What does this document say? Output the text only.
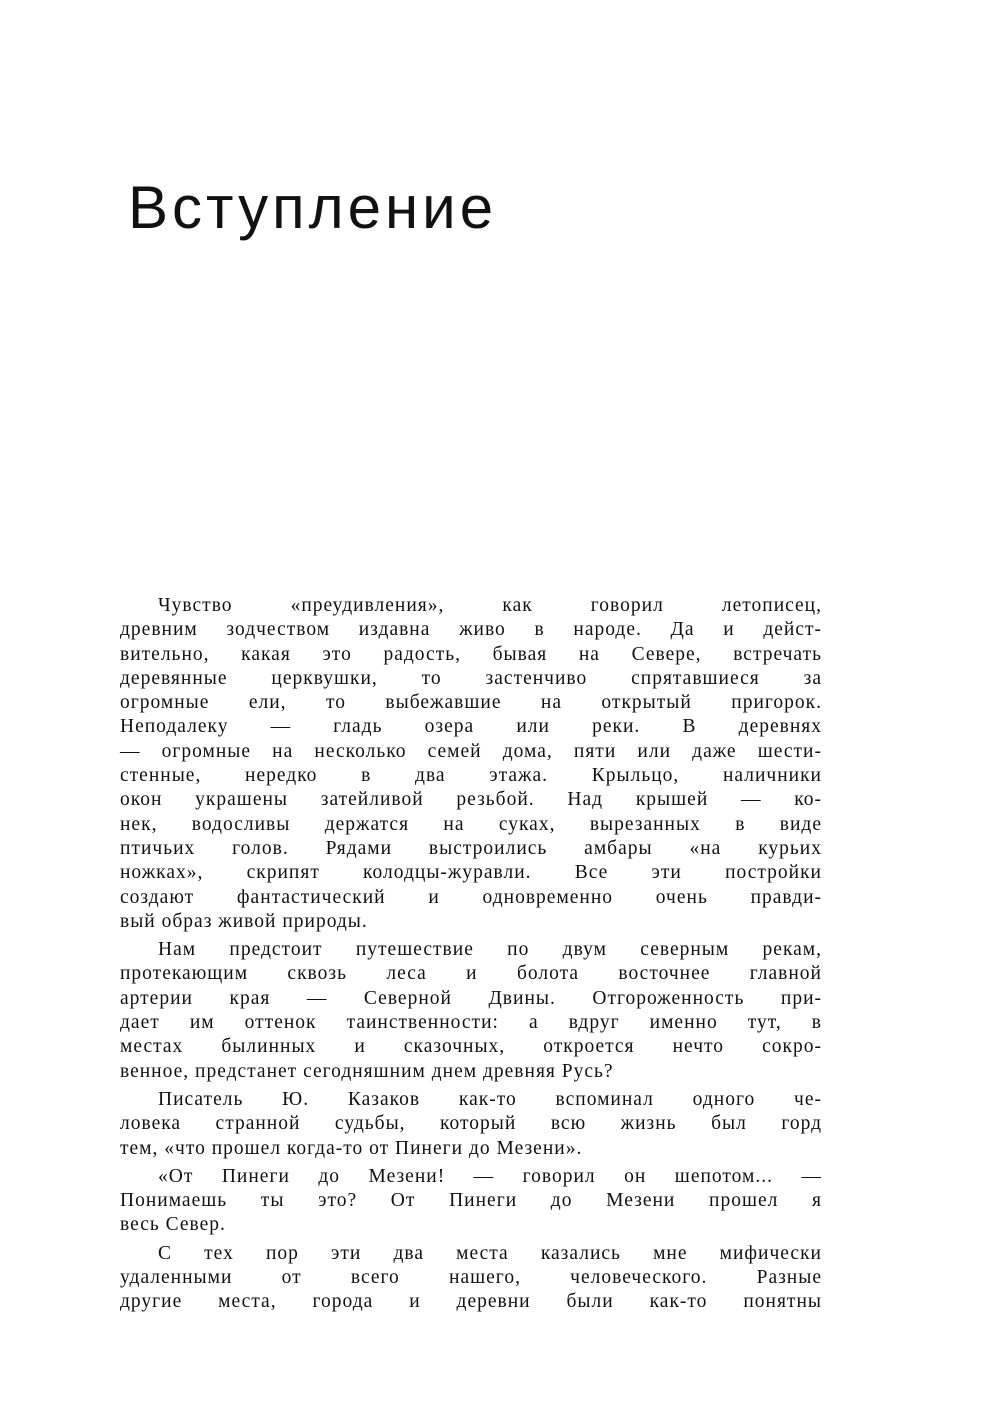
Вступление

Чувство «преудивления», как говорил летописец,
древним зодчеством издавна живо в народе. Да и дейст-
вительно, какая это радость, бывая на Севере, встречать
деревянные церквушки, то застенчиво спрятавшиеся за
огромные ели, то выбежавшие на открытый пригорок.
Неподалеку — гладь озера или реки. В деревнях
— огромные на несколько семей дома, пяти или даже шести-
стенные, нередко в два этажа. Крыльцо, наличники
окон украшены затейливой резьбой. Над крышей — ко-
нек, водосливы держатся на суках, вырезанных в виде
птичьих голов. Рядами выстроились амбары «на курьих
ножках», скрипят колодцы-журавли. Все эти постройки
создают фантастический и одновременно очень правди-
вый образ живой природы.

Нам предстоит путешествие по двум северным рекам,
протекающим сквозь леса и болота восточнее главной
артерии края — Северной Двины. Отгороженность при-
дает им оттенок таинственности: а вдруг именно тут, в
местах былинных и сказочных, откроется нечто сокро-
венное, предстанет сегодняшним днем древняя Русь?

Писатель Ю. Казаков как-то вспоминал одного че-
ловека странной судьбы, который всю жизнь был горд
тем, «что прошел когда-то от Пинеги до Мезени».

«От Пинеги до Мезени! — говорил он шепотом... —
Понимаешь ты это? От Пинеги до Мезени прошел я
весь Север.

С тех пор эти два места казались мне мифически
удаленными от всего нашего, человеческого. Разные
другие места, города и деревни были как-то понятны
